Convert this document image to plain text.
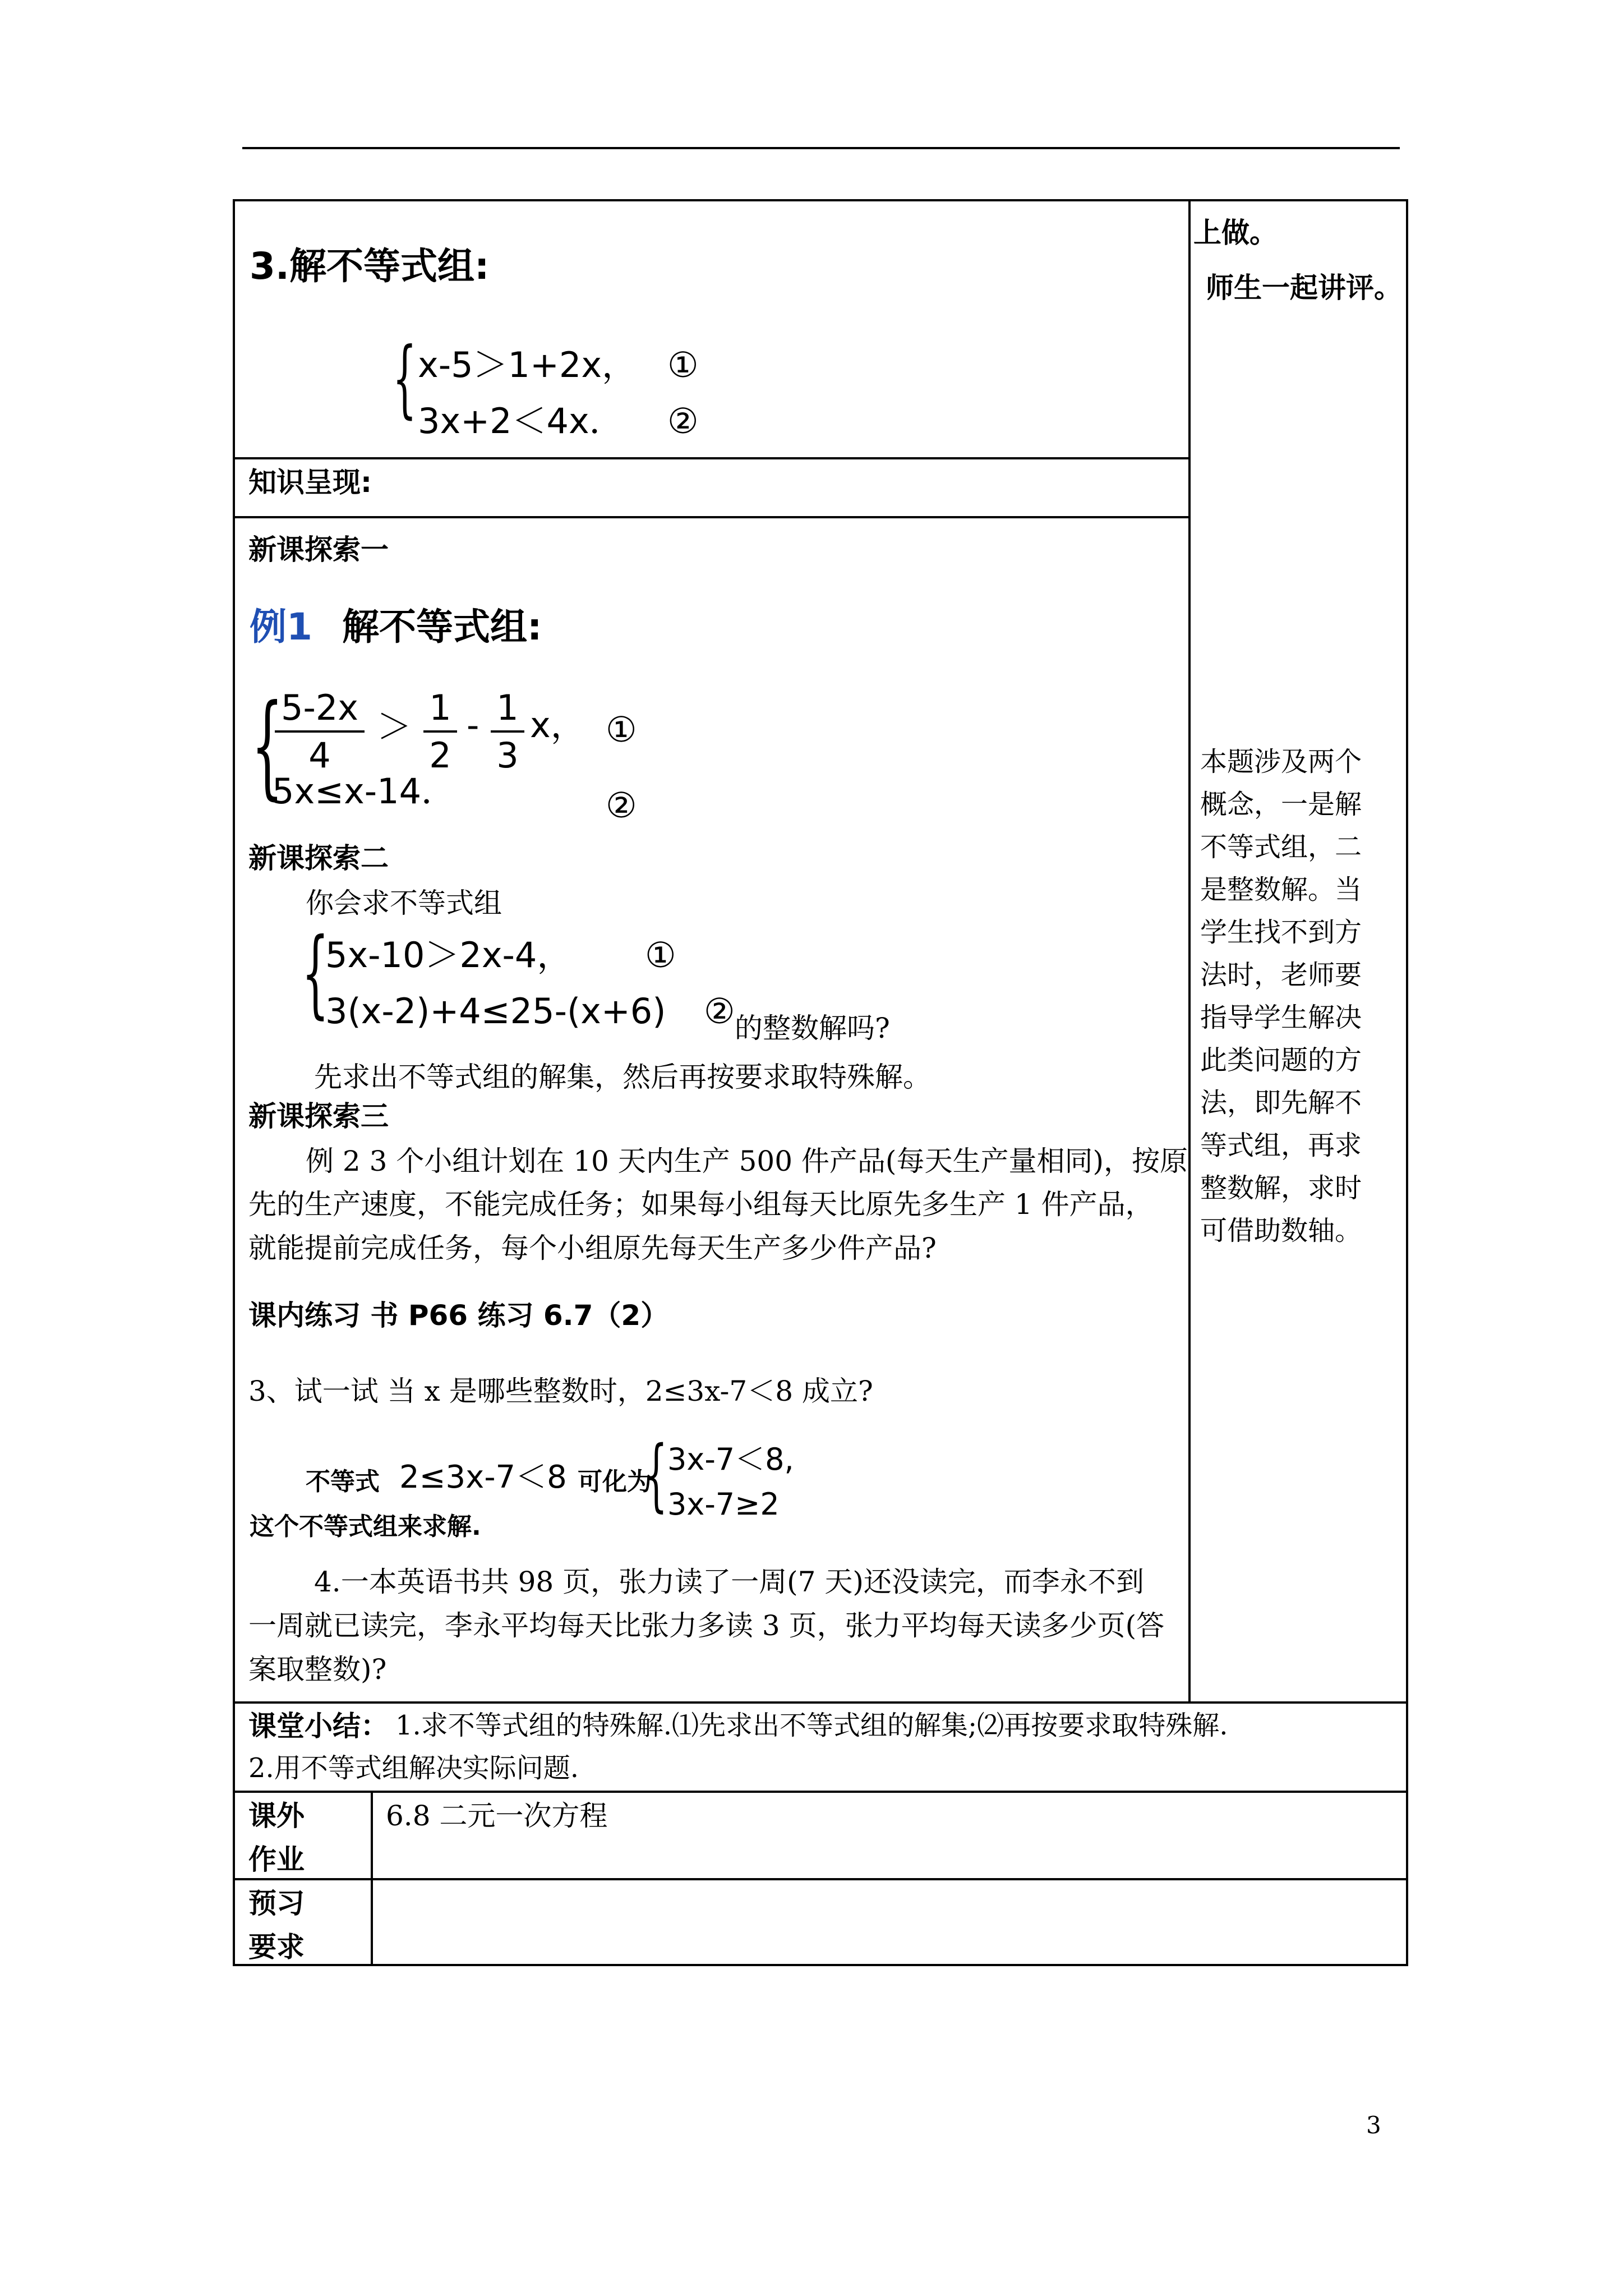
3.解不等式组:
{ x-5＞1+2x， ①
3x+2＜4x． ②
上做。
师生一起讲评。
本题涉及两个
概念，一是解
不等式组，二
是整数解。当
学生找不到方
法时，老师要
指导学生解决
此类问题的方
法，即先解不
等式组，再求
整数解，求时
可借助数轴。
知识呈现:
新课探索一
例1 解不等式组:
{
5-2x
4
＞ 1
2
- 1
3
x， ①
5x≤x-14．	②
新课探索二
你会求不等式组
{
5x-10＞2x-4， ①
3(x-2)+4≤25-(x+6) ② 的整数解吗?
先求出不等式组的解集，然后再按要求取特殊解。
新课探索三
例 2 3 个小组计划在 10 天内生产 500 件产品(每天生产量相同)，按原
先的生产速度，不能完成任务；如果每小组每天比原先多生产 1 件产品，
就能提前完成任务，每个小组原先每天生产多少件产品?
课内练习 书 P66 练习 6.7（2）
3、试一试 当 x 是哪些整数时，2≤3x-7＜8 成立?
不等式 2≤3x-7＜8 可化为
{ 3x-7＜8,
3x-7≥2
这个不等式组来求解.
4.一本英语书共 98 页，张力读了一周(7 天)还没读完，而李永不到
一周就已读完，李永平均每天比张力多读 3 页，张力平均每天读多少页(答
案取整数)?
课堂小结： 1.求不等式组的特殊解.⑴先求出不等式组的解集;⑵再按要求取特殊解.
2.用不等式组解决实际问题.
课外
作业
6.8 二元一次方程
预习
要求
3
